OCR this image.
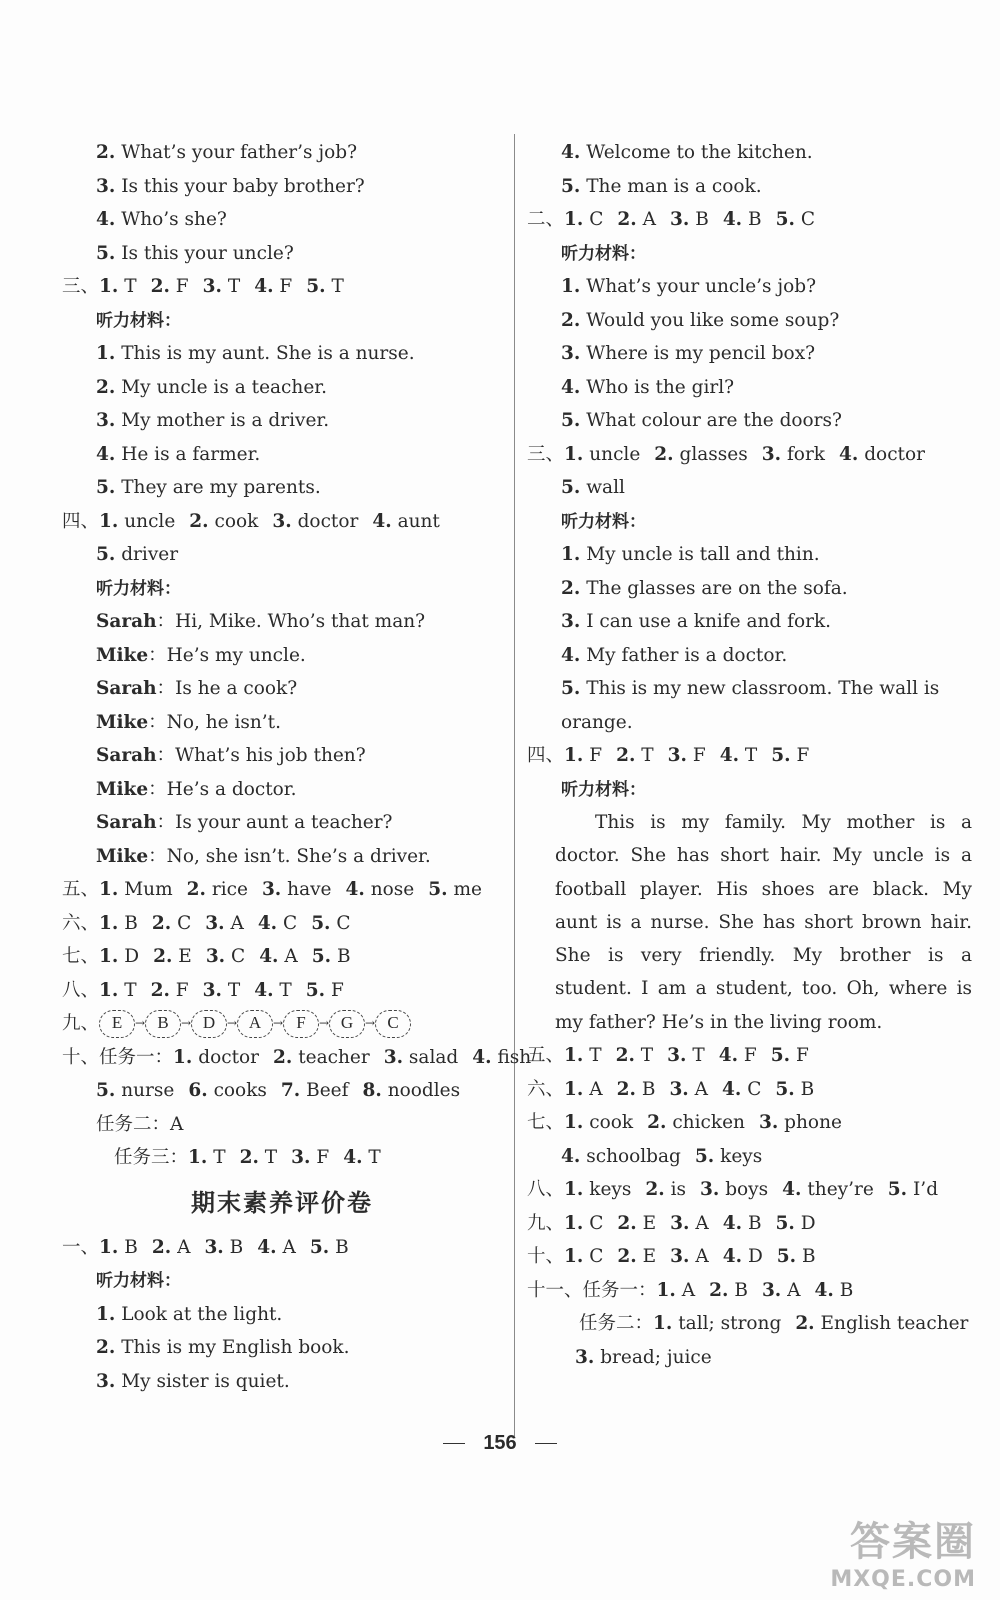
2. What’s your father’s job?
3. Is this your baby brother?
4. Who’s she?
5. Is this your uncle?
三、1. T 2. F 3. T 4. F 5. T
听力材料：
1. This is my aunt. She is a nurse.
2. My uncle is a teacher.
3. My mother is a driver.
4. He is a farmer.
5. They are my parents.
四、1. uncle 2. cook 3. doctor 4. aunt
5. driver
听力材料：
Sarah：Hi, Mike. Who’s that man?
Mike：He’s my uncle.
Sarah：Is he a cook?
Mike：No, he isn’t.
Sarah：What’s his job then?
Mike：He’s a doctor.
Sarah：Is your aunt a teacher?
Mike：No, she isn’t. She’s a driver.
五、1. Mum 2. rice 3. have 4. nose 5. me
六、1. B 2. C 3. A 4. C 5. C
七、1. D 2. E 3. C 4. A 5. B
八、1. T 2. F 3. T 4. T 5. F
九、 E	→ B	→ D → A → F	→ G → C
十、任务一：1. doctor 2. teacher 3. salad 4. fish
5. nurse 6. cooks 7. Beef 8. noodles
任务二：A
任务三：1. T 2. T 3. F 4. T
期末素养评价卷
一、1. B 2. A 3. B 4. A 5. B
听力材料：
1. Look at the light.
2. This is my English book.
3. My sister is quiet.
4. Welcome to the kitchen.
5. The man is a cook.
二、1. C 2. A 3. B 4. B 5. C
听力材料：
1. What’s your uncle’s job?
2. Would you like some soup?
3. Where is my pencil box?
4. Who is the girl?
5. What colour are the doors?
三、1. uncle 2. glasses 3. fork 4. doctor
5. wall
听力材料：
1. My uncle is tall and thin.
2. The glasses are on the sofa.
3. I can use a knife and fork.
4. My father is a doctor.
5. This is my new classroom. The wall is
orange.
四、1. F 2. T 3. F 4. T 5. F
听力材料：
This is my family. My mother is a doctor. She has short hair. My uncle is a football player. His shoes are black. My aunt is a nurse. She has short brown hair. She is very friendly. My brother is a student. I am a student, too. Oh, where is my father? He’s in the living room.
五、1. T 2. T 3. T 4. F 5. F
六、1. A 2. B 3. A 4. C 5. B
七、1. cook 2. chicken 3. phone
4. schoolbag 5. keys
八、1. keys 2. is 3. boys 4. they’re 5. I’d
九、1. C 2. E 3. A 4. B 5. D
十、1. C 2. E 3. A 4. D 5. B
十一、任务一：1. A 2. B 3. A 4. B
任务二：1. tall; strong 2. English teacher
3. bread; juice
156
答案圈
MXQE.COM
